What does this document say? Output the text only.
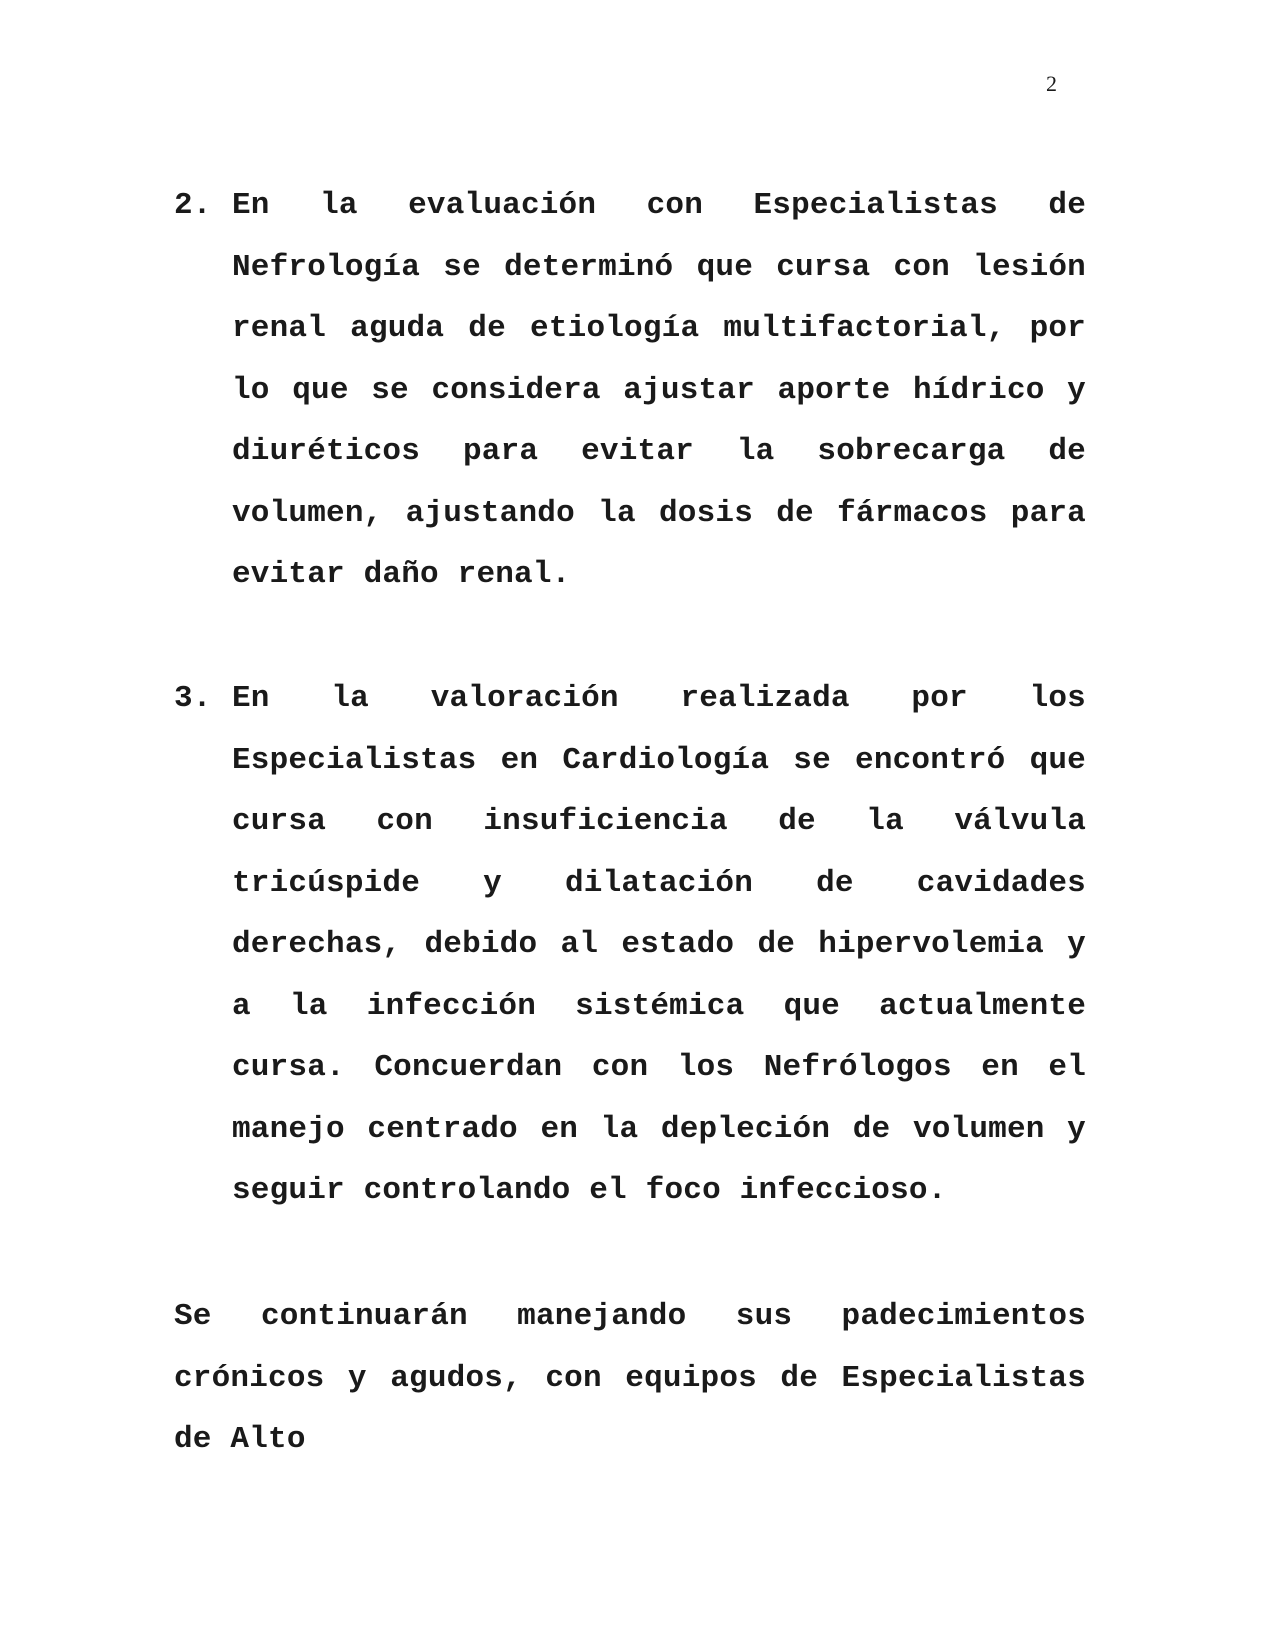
2
2. En la evaluación con Especialistas de Nefrología se determinó que cursa con lesión renal aguda de etiología multifactorial, por lo que se considera ajustar aporte hídrico y diuréticos para evitar la sobrecarga de volumen, ajustando la dosis de fármacos para evitar daño renal.
3. En la valoración realizada por los Especialistas en Cardiología se encontró que cursa con insuficiencia de la válvula tricúspide y dilatación de cavidades derechas, debido al estado de hipervolemia y a la infección sistémica que actualmente cursa. Concuerdan con los Nefrólogos en el manejo centrado en la depleción de volumen y seguir controlando el foco infeccioso.
Se continuarán manejando sus padecimientos crónicos y agudos, con equipos de Especialistas de Alto
